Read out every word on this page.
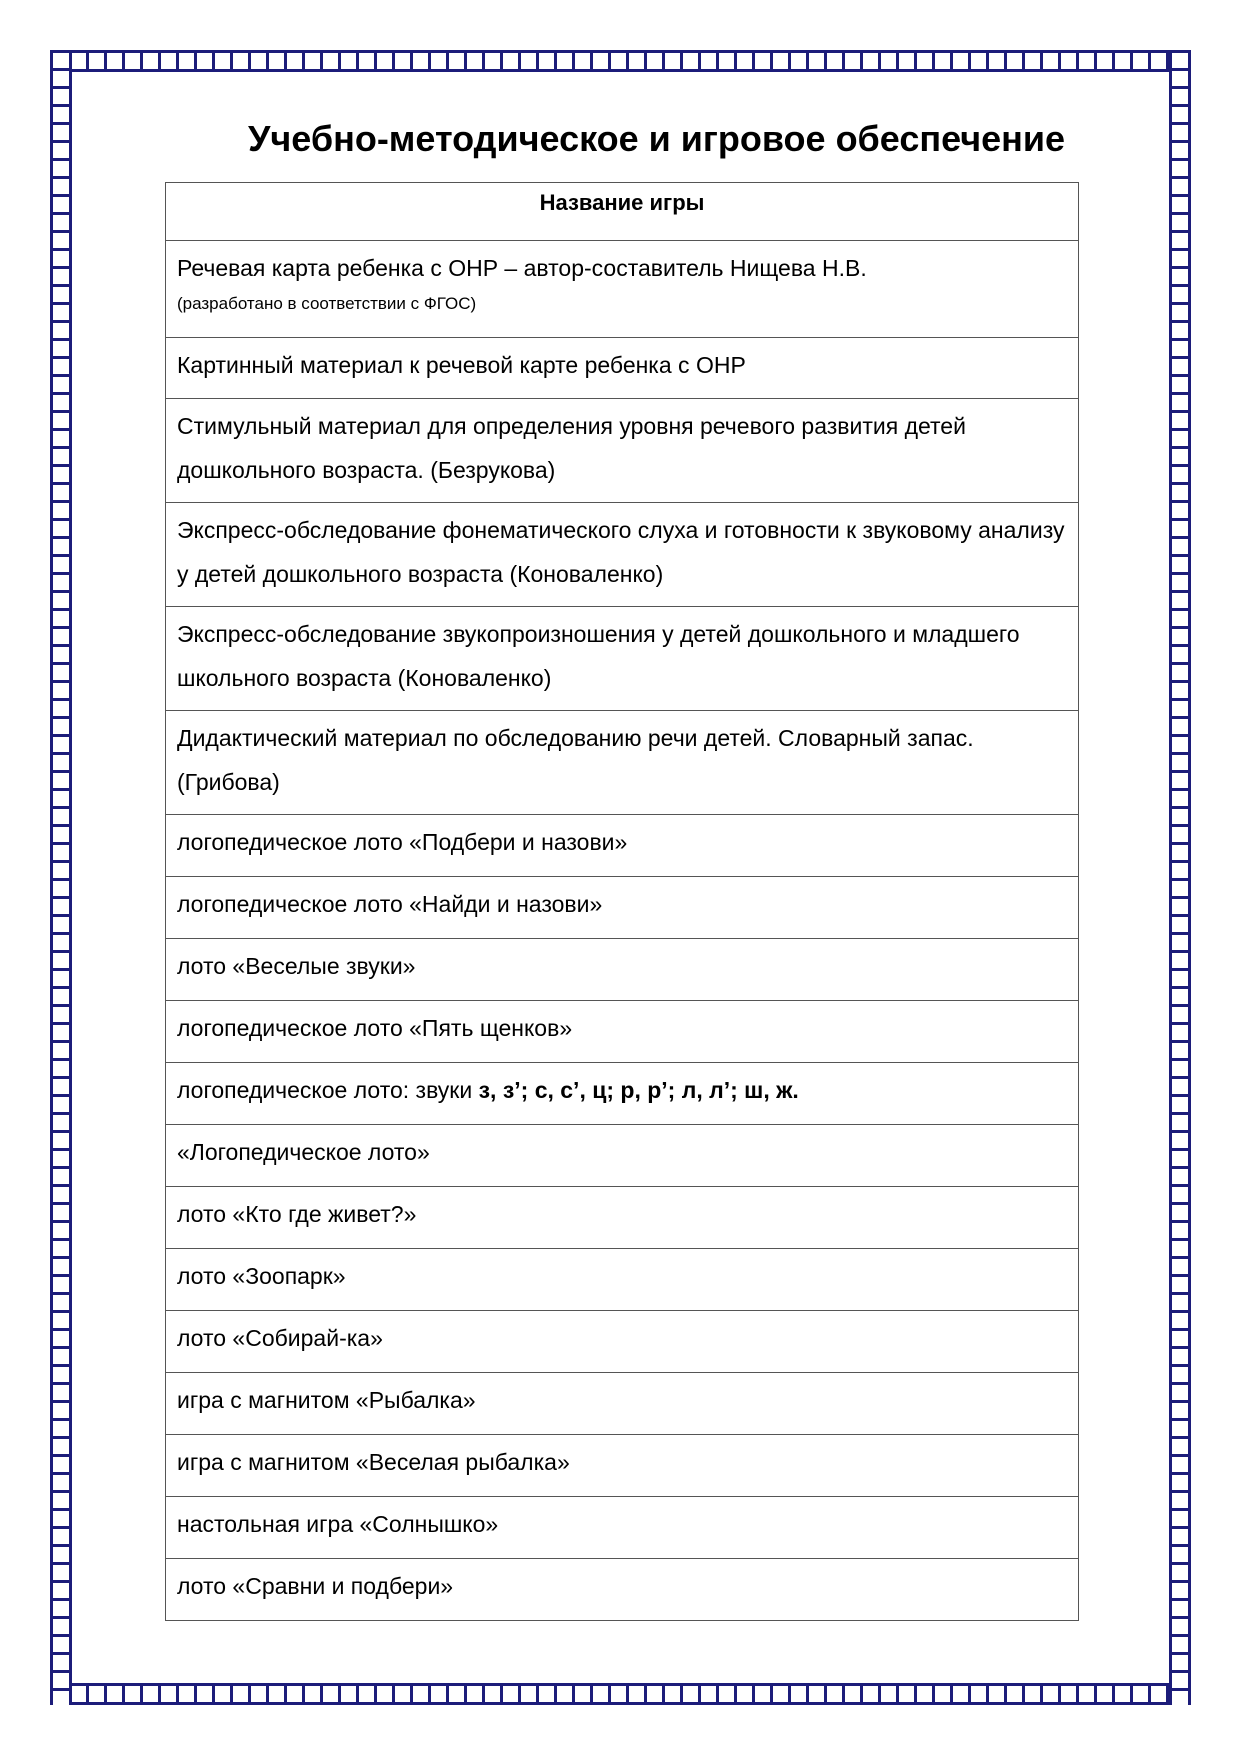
Учебно-методическое и игровое обеспечение
Название игры
Речевая карта ребенка с ОНР – автор-составитель Нищева Н.В.
(разработано в соответствии с ФГОС)

Картинный материал к речевой карте ребенка с ОНР
Стимульный материал для определения уровня речевого развития детей дошкольного возраста. (Безрукова)
Экспресс-обследование фонематического слуха и готовности к звуковому анализу у детей дошкольного возраста (Коноваленко)
Экспресс-обследование звукопроизношения у детей дошкольного и младшего школьного возраста (Коноваленко)
Дидактический материал по обследованию речи детей. Словарный запас. (Грибова)
логопедическое лото «Подбери и назови»
логопедическое лото «Найди и назови»
лото «Веселые звуки»
логопедическое лото «Пять щенков»
логопедическое лото: звуки з, з’; с, с’, ц; р, р’; л, л’; ш, ж.
«Логопедическое лото»
лото «Кто где живет?»
лото «Зоопарк»
лото «Собирай-ка»
игра с магнитом «Рыбалка»
игра с магнитом «Веселая рыбалка»
настольная игра «Солнышко»
лото «Сравни и подбери»
